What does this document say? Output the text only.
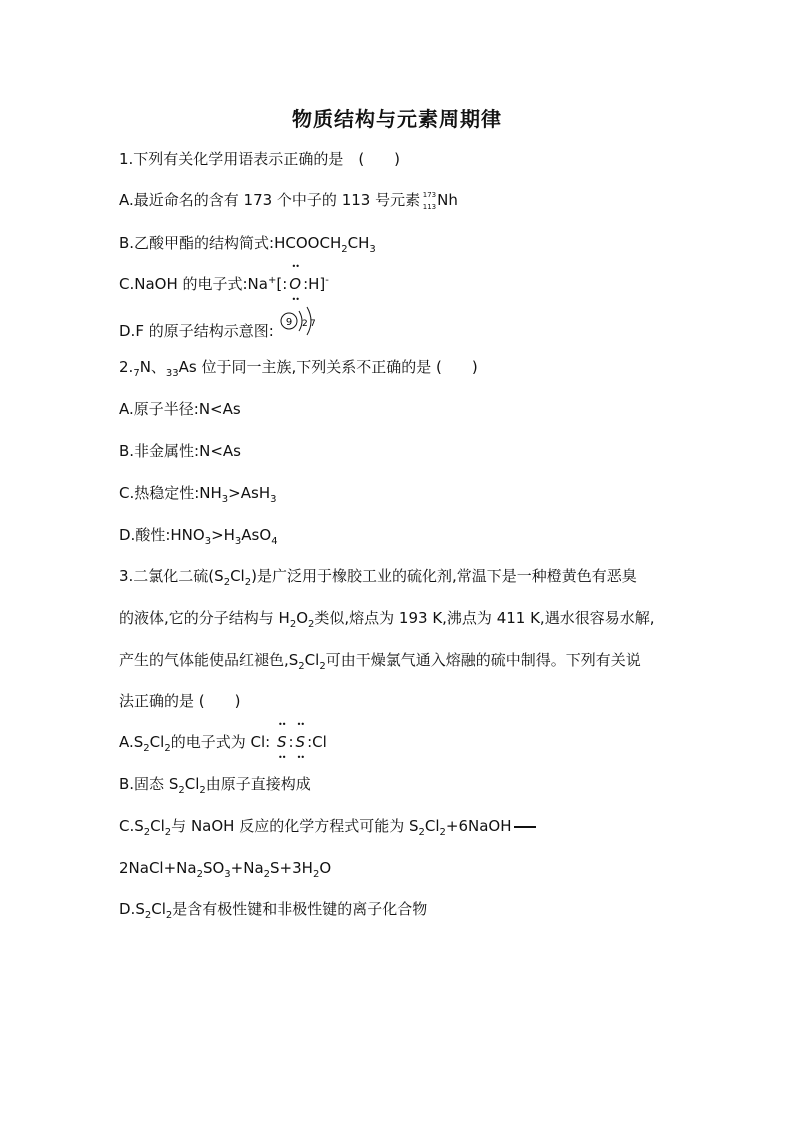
物质结构与元素周期律
1.下列有关化学用语表示正确的是　(　　)
A.最近命名的含有 173 个中子的 113 号元素 173
113 Nh
B.乙酸甲酯的结构简式$:HCOOCH_2CH_3$
C.NaOH 的电子式:Na+[:
••
O
••
:H]-
D.F 的原子结构示意图: 9 2 7
$2._7N$、$_{33}$As 位于同一主族,下列关系不正确的是 (　　)
A.原子半径:N<As
B.非金属性:N<As
C.热稳定性$:NH_3>AsH_3$
D.酸性$:HNO_3>H_3AsO_4$
3.二氯化二硫$(S_2Cl_2)$是广泛用于橡胶工业的硫化剂,常温下是一种橙黄色有恶臭
的液体,它的分子结构与 $H_2O_2$类似,熔点为 193 K,沸点为 411 K,遇水很容易水解,
产生的气体能使品红褪色$,S_2Cl_2$可由干燥氯气通入熔融的硫中制得。下列有关说
法正确的是 (　　)
$A.S_2Cl_2$的电子式为 Cl:
••
S
••
:
••
S
••
:Cl
B.固态 $S_2Cl_2$由原子直接构成
$C.S_2Cl_2$与 NaOH 反应的化学方程式可能为 $S_2Cl_2+6NaOH$
$2NaCl+Na_2SO_3+Na_2S+3H_2O$
$D.S_2Cl_2$是含有极性键和非极性键的离子化合物
